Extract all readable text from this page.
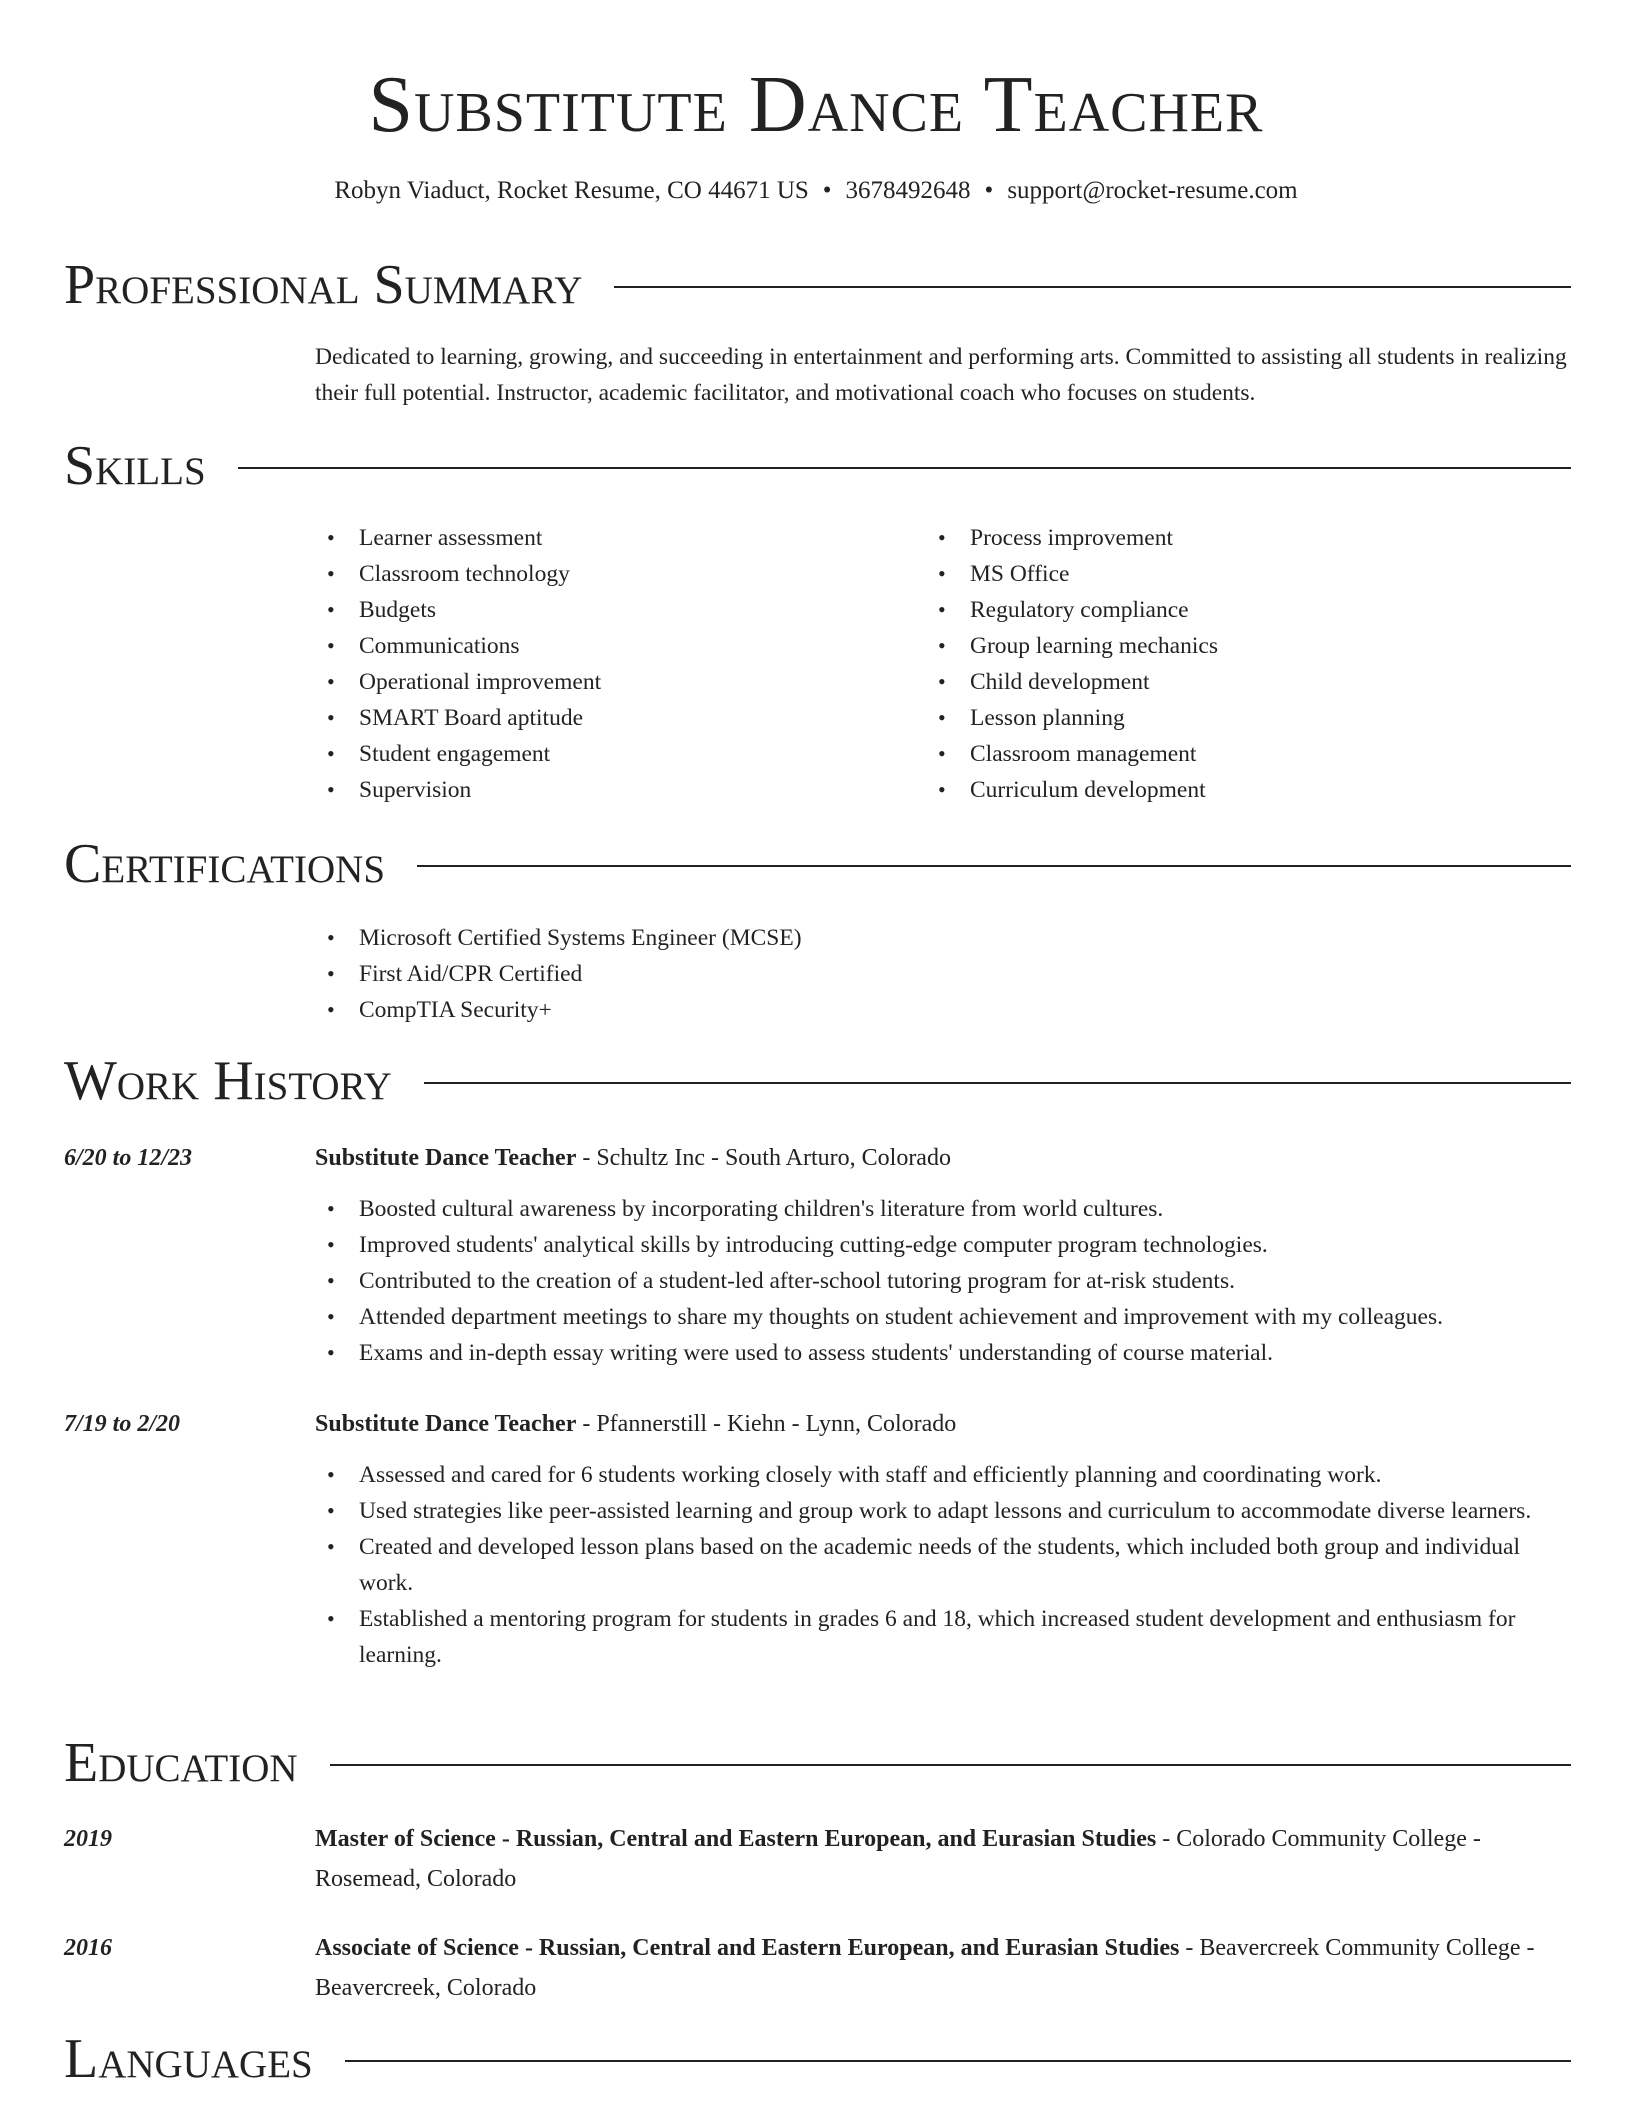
Substitute Dance Teacher
Robyn Viaduct, Rocket Resume, CO 44671 US • 3678492648 • support@rocket-resume.com
Professional Summary

Dedicated to learning, growing, and succeeding in entertainment and performing arts. Committed to assisting all students in realizing their full potential. Instructor, academic facilitator, and motivational coach who focuses on students.

Skills
• Learner assessment
• Classroom technology
• Budgets
• Communications
• Operational improvement
• SMART Board aptitude
• Student engagement
• Supervision
• Process improvement
• MS Office
• Regulatory compliance
• Group learning mechanics
• Child development
• Lesson planning
• Classroom management
• Curriculum development
Certifications
• Microsoft Certified Systems Engineer (MCSE)
• First Aid/CPR Certified
• CompTIA Security+
Work History
6/20 to 12/23	Substitute Dance Teacher - Schultz Inc - South Arturo, Colorado
• Boosted cultural awareness by incorporating children's literature from world cultures.
• Improved students' analytical skills by introducing cutting-edge computer program technologies.
• Contributed to the creation of a student-led after-school tutoring program for at-risk students.
• Attended department meetings to share my thoughts on student achievement and improvement with my colleagues.
• Exams and in-depth essay writing were used to assess students' understanding of course material.
7/19 to 2/20	Substitute Dance Teacher - Pfannerstill - Kiehn - Lynn, Colorado
• Assessed and cared for 6 students working closely with staff and efficiently planning and coordinating work.
• Used strategies like peer-assisted learning and group work to adapt lessons and curriculum to accommodate diverse learners.
• Created and developed lesson plans based on the academic needs of the students, which included both group and individual work.
• Established a mentoring program for students in grades 6 and 18, which increased student development and enthusiasm for learning.
Education
2019	Master of Science - Russian, Central and Eastern European, and Eurasian Studies - Colorado Community College - Rosemead, Colorado
2016	Associate of Science - Russian, Central and Eastern European, and Eurasian Studies - Beavercreek Community College - Beavercreek, Colorado
Languages
